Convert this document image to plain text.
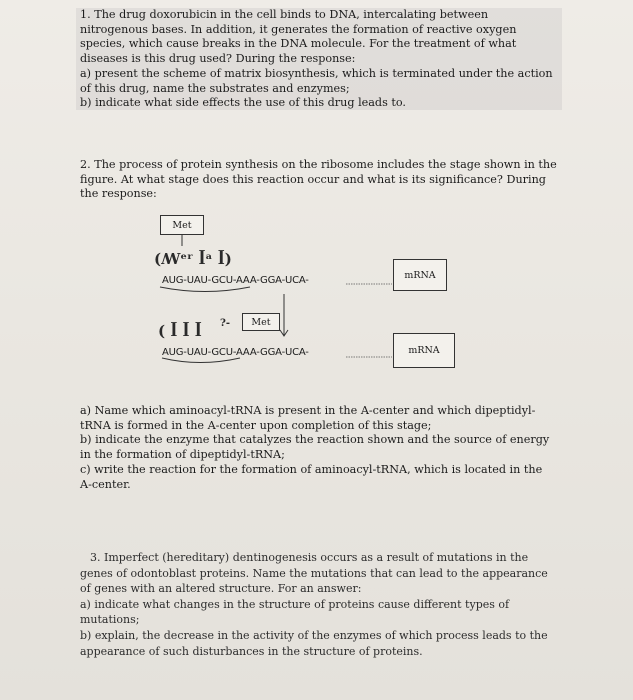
1. The drug doxorubicin in the cell binds to DNA, intercalating between
nitrogenous bases. In addition, it generates the formation of reactive oxygen
species, which cause breaks in the DNA molecule. For the treatment of what
diseases is this drug used? During the response:
a) present the scheme of matrix biosynthesis, which is terminated under the action
of this drug, name the substrates and enzymes;
b) indicate what side effects the use of this drug leads to.
2. The process of protein synthesis on the ribosome includes the stage shown in the
figure. At what stage does this reaction occur and what is its significance? During
the response:
Met
(ꟿᵉʳ ꟾᵃ ꟾ)
AUG-UAU-GCU-AAA-GGA-UCA-	mRNA
( ꟾ ꟾ ꟾ ?- Met
AUG-UAU-GCU-AAA-GGA-UCA-	mRNA
a) Name which aminoacyl-tRNA is present in the A-center and which dipeptidyl-
tRNA is formed in the A-center upon completion of this stage;
b) indicate the enzyme that catalyzes the reaction shown and the source of energy
in the formation of dipeptidyl-tRNA;
c) write the reaction for the formation of aminoacyl-tRNA, which is located in the
A-center.
3. Imperfect (hereditary) dentinogenesis occurs as a result of mutations in the
genes of odontoblast proteins. Name the mutations that can lead to the appearance
of genes with an altered structure. For an answer:
a) indicate what changes in the structure of proteins cause different types of
mutations;
b) explain, the decrease in the activity of the enzymes of which process leads to the
appearance of such disturbances in the structure of proteins.
